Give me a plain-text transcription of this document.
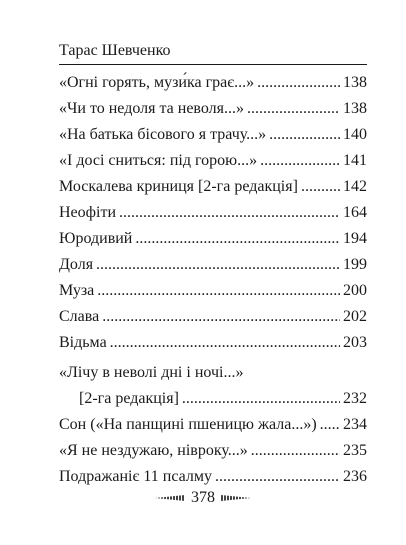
Тарас Шевченко
«Огні горять, музи́ка грає...» .....	138
«Чи то недоля та неволя...» .....	138
«На батька бісового я трачу...» .....	140
«І досі сниться: під горою...» .....	141
Москалева криниця [2-га редакція] .....	142
Неофіти .....	164
Юродивий .....	194
Доля .....	199
Муза .....	200
Слава .....	202
Відьма .....	203
«Лічу в неволі дні і ночі...»
[2-га редакція] .....	232
Сон («На панщині пшеницю жала...») ..... 234
«Я не нездужаю, нівроку...» .....	235
Подражаніє 11 псалму .....	236
378
